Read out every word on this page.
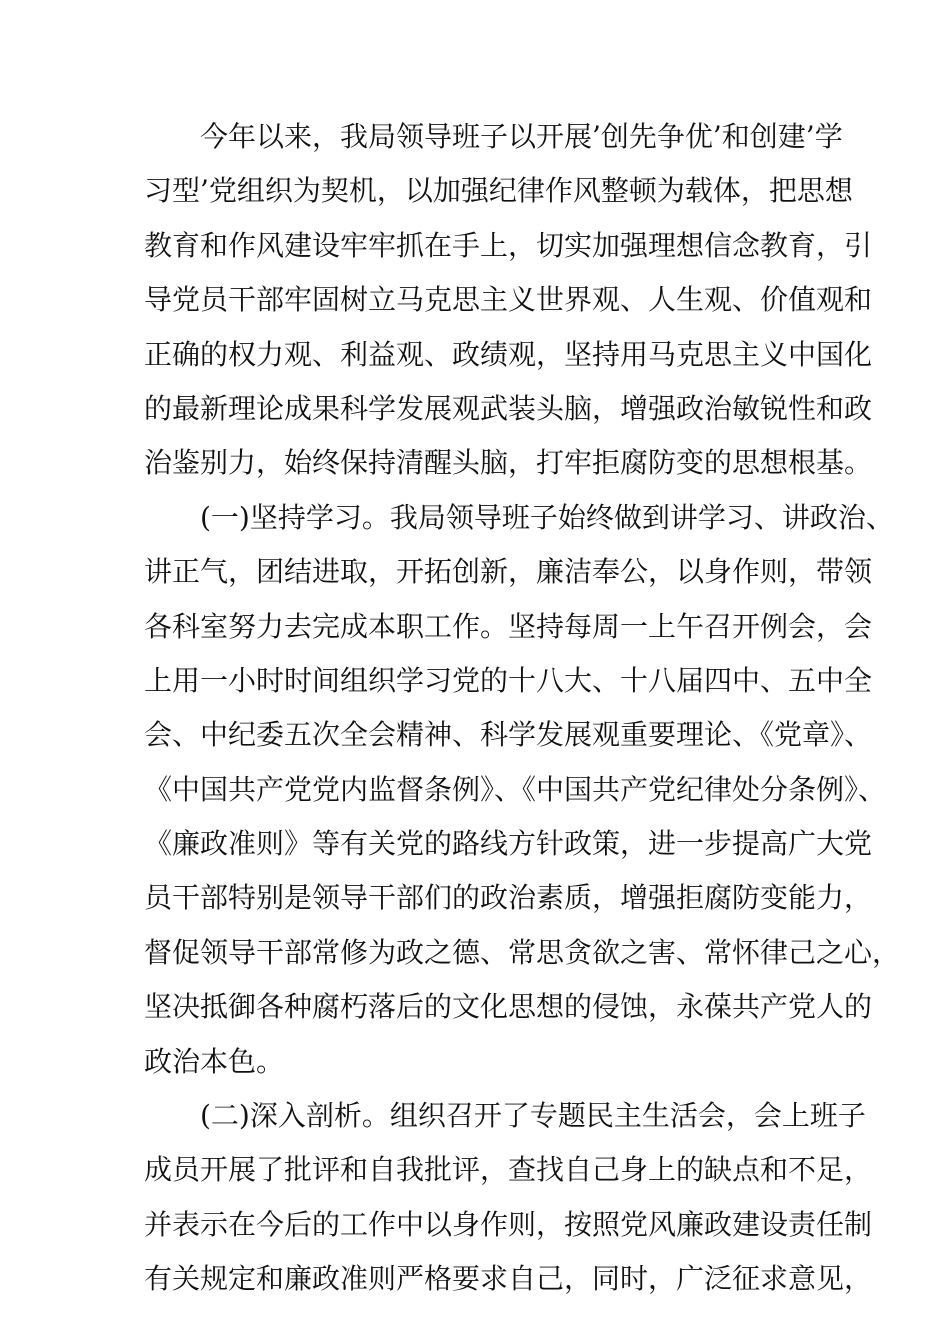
今年以来，我局领导班子以开展’创先争优’和创建’学
习型’党组织为契机，以加强纪律作风整顿为载体，把思想
教育和作风建设牢牢抓在手上，切实加强理想信念教育，引
导党员干部牢固树立马克思主义世界观、人生观、价值观和
正确的权力观、利益观、政绩观，坚持用马克思主义中国化
的最新理论成果科学发展观武装头脑，增强政治敏锐性和政
治鉴别力，始终保持清醒头脑，打牢拒腐防变的思想根基。
(一)坚持学习。我局领导班子始终做到讲学习、讲政治、
讲正气，团结进取，开拓创新，廉洁奉公，以身作则，带领
各科室努力去完成本职工作。坚持每周一上午召开例会，会
上用一小时时间组织学习党的十八大、十八届四中、五中全
会、中纪委五次全会精神、科学发展观重要理论、《党章》、
《中国共产党党内监督条例》、《中国共产党纪律处分条例》、
《廉政准则》等有关党的路线方针政策，进一步提高广大党
员干部特别是领导干部们的政治素质，增强拒腐防变能力，
督促领导干部常修为政之德、常思贪欲之害、常怀律己之心，
坚决抵御各种腐朽落后的文化思想的侵蚀，永葆共产党人的
政治本色。
(二)深入剖析。组织召开了专题民主生活会，会上班子
成员开展了批评和自我批评，查找自己身上的缺点和不足，
并表示在今后的工作中以身作则，按照党风廉政建设责任制
有关规定和廉政准则严格要求自己，同时，广泛征求意见，
